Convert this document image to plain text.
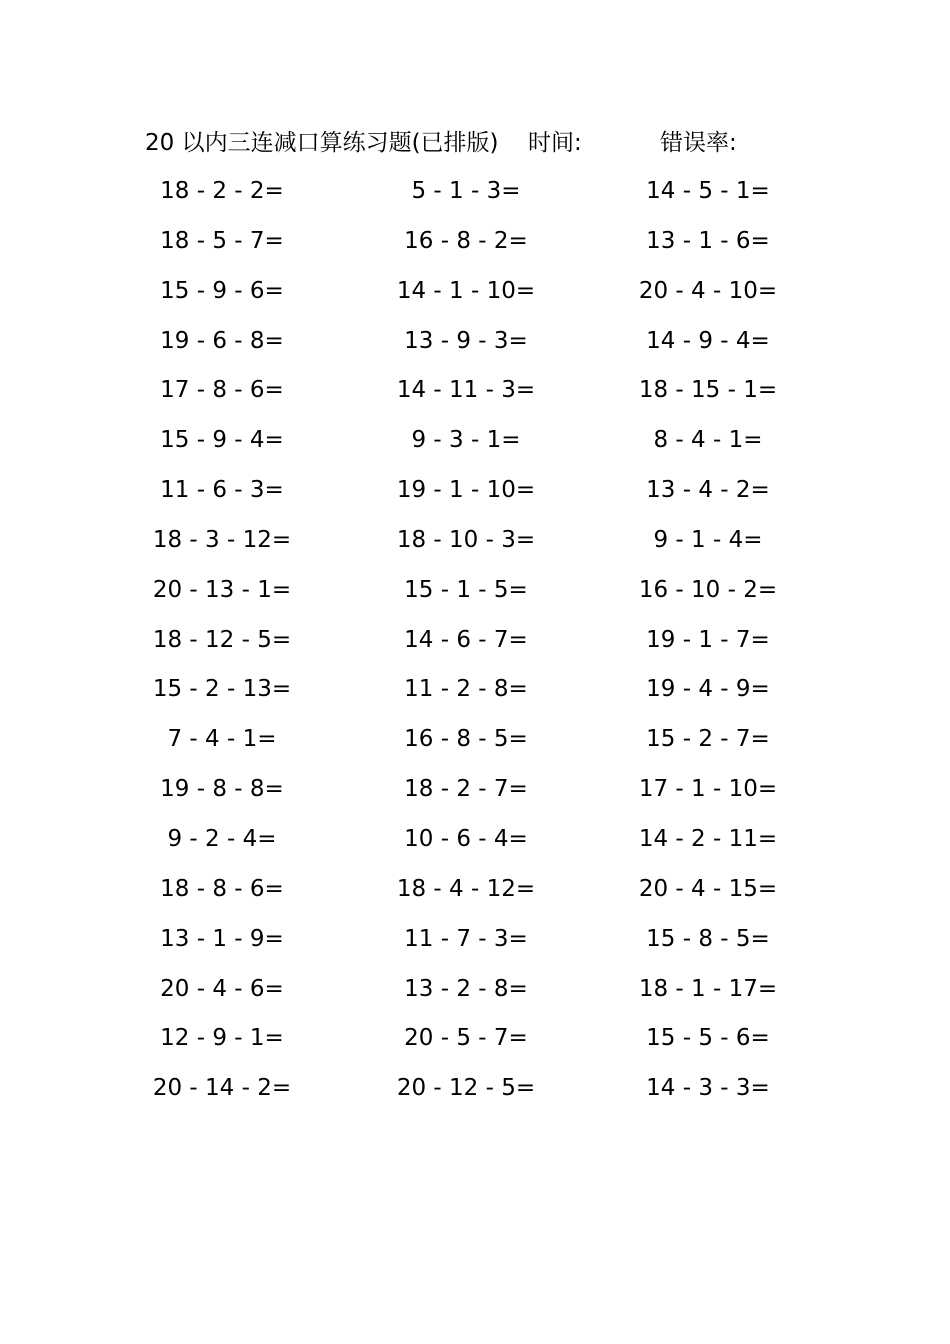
20 以内三连减口算练习题(已排版) 时间:	错误率:
18 - 2 - 2=	5 - 1 - 3=	14 - 5 - 1=
18 - 5 - 7=	16 - 8 - 2=	13 - 1 - 6=
15 - 9 - 6=	14 - 1 - 10=	20 - 4 - 10=
19 - 6 - 8=	13 - 9 - 3=	14 - 9 - 4=
17 - 8 - 6=	14 - 11 - 3=	18 - 15 - 1=
15 - 9 - 4=	9 - 3 - 1=	8 - 4 - 1=
11 - 6 - 3=	19 - 1 - 10=	13 - 4 - 2=
18 - 3 - 12=	18 - 10 - 3=	9 - 1 - 4=
20 - 13 - 1=	15 - 1 - 5=	16 - 10 - 2=
18 - 12 - 5=	14 - 6 - 7=	19 - 1 - 7=
15 - 2 - 13=	11 - 2 - 8=	19 - 4 - 9=
7 - 4 - 1=	16 - 8 - 5=	15 - 2 - 7=
19 - 8 - 8=	18 - 2 - 7=	17 - 1 - 10=
9 - 2 - 4=	10 - 6 - 4=	14 - 2 - 11=
18 - 8 - 6=	18 - 4 - 12=	20 - 4 - 15=
13 - 1 - 9=	11 - 7 - 3=	15 - 8 - 5=
20 - 4 - 6=	13 - 2 - 8=	18 - 1 - 17=
12 - 9 - 1=	20 - 5 - 7=	15 - 5 - 6=
20 - 14 - 2=	20 - 12 - 5=	14 - 3 - 3=
